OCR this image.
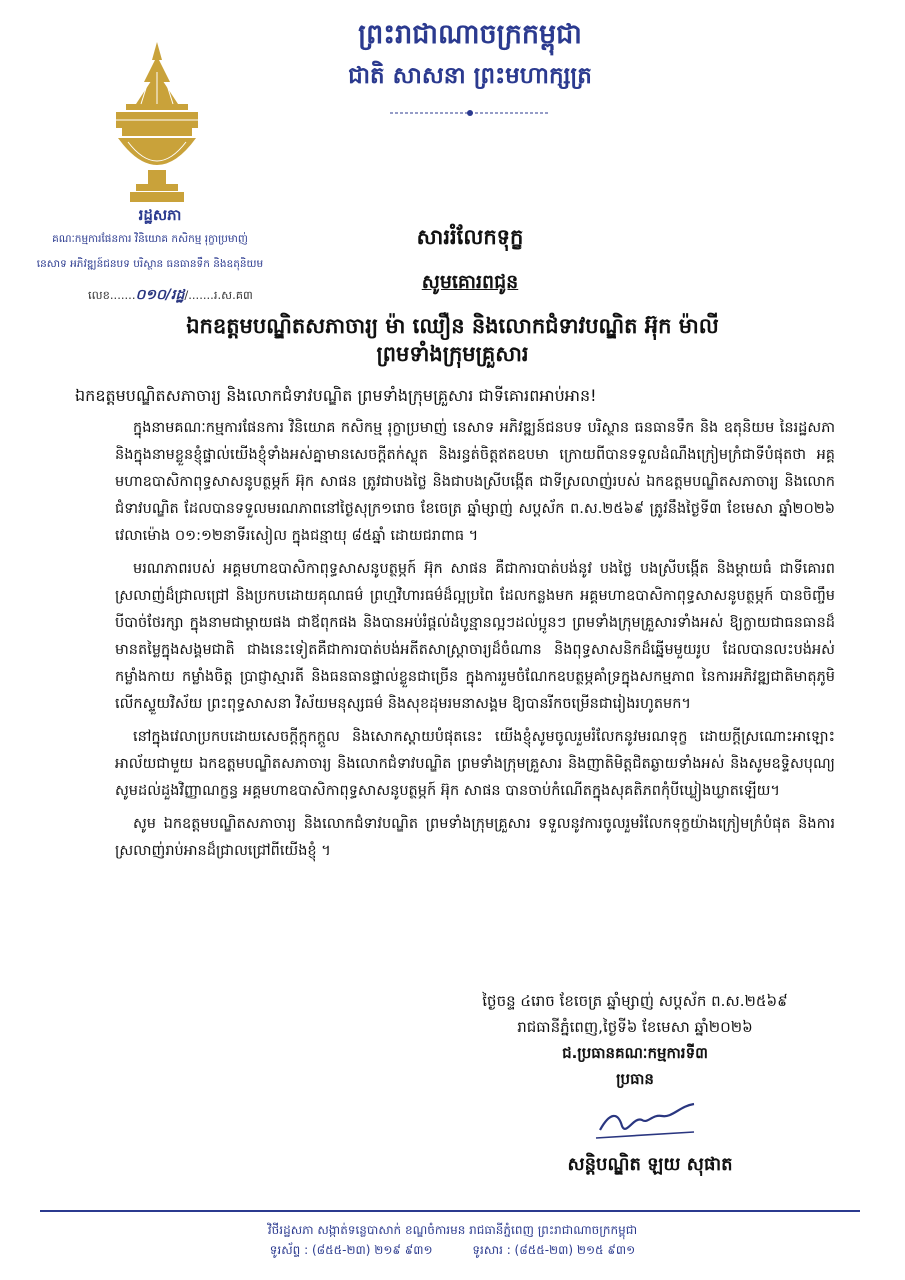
ព្រះរាជាណាចក្រកម្ពុជា
ជាតិ សាសនា ព្រះមហាក្សត្រ
រដ្ឋសភា
គណៈកម្មការផែនការ វិនិយោគ កសិកម្ម រុក្ខាប្រមាញ់
នេសាទ អភិវឌ្ឍន៍ជនបទ បរិស្ថាន ធនធានទឹក និងឧតុនិយម
លេខ.......០១០/រដ្ឋ/.......រ.ស.គ៣
សាររំលែកទុក្ខ
សូមគោរពជូន
ឯកឧត្តមបណ្ឌិតសភាចារ្យ ម៉ា ឈឿន និងលោកជំទាវបណ្ឌិត អ៊ុក ម៉ាលី
ព្រមទាំងក្រុមគ្រួសារ

ឯកឧត្តមបណ្ឌិតសភាចារ្យ និងលោកជំទាវបណ្ឌិត ព្រមទាំងក្រុមគ្រួសារ ជាទីគោរពអាប់អាន!

ក្នុងនាមគណៈកម្មការផែនការ វិនិយោគ កសិកម្ម រុក្ខាប្រមាញ់ នេសាទ អភិវឌ្ឍន៍ជនបទ បរិស្ថាន ធនធានទឹក និង ឧតុនិយម នៃរដ្ឋសភា និងក្នុងនាមខ្លួនខ្ញុំផ្ទាល់យើងខ្ញុំទាំងអស់គ្នាមានសេចក្តីតក់ស្លុត និងរន្ធត់ចិត្តឥតឧបមា ក្រោយពីបានទទួលដំណឹងក្រៀមក្រំជាទីបំផុតថា អគ្គមហាឧបាសិកាពុទ្ធសាសនូបត្ថម្ភក៍ អ៊ុក សាផន ត្រូវជាបងថ្លៃ និងជាបងស្រីបង្កើត ជាទីស្រលាញ់របស់ ឯកឧត្តមបណ្ឌិតសភាចារ្យ និងលោកជំទាវបណ្ឌិត ដែលបានទទួលមរណភាពនៅថ្ងៃសុក្រ១រោច ខែចេត្រ ឆ្នាំម្សាញ់ សប្តស័ក ព.ស.២៥៦៩ ត្រូវនឹងថ្ងៃទី៣ ខែមេសា ឆ្នាំ២០២៦ វេលាម៉ោង ០១:១២នាទីរសៀល ក្នុងជន្មាយុ ៨៥ឆ្នាំ ដោយជរាពាធ ។

មរណភាពរបស់ អគ្គមហាឧបាសិកាពុទ្ធសាសនូបត្ថម្ភក៍ អ៊ុក សាផន គឺជាការបាត់បង់នូវ បងថ្លៃ បងស្រីបង្កើត និងម្តាយធំ ជាទីគោរពស្រលាញ់ដ៏ជ្រាលជ្រៅ និងប្រកបដោយគុណធម៌ ព្រហ្មវិហារធម៌ដ៏ល្អប្រពៃ ដែលកន្លងមក អគ្គមហាឧបាសិកាពុទ្ធសាសនូបត្ថម្ភក៍ បានចិញ្ចឹមបីបាច់ថែរក្សា ក្នុងនាមជាម្តាយផង ជាឪពុកផង និងបានអប់រំផ្តល់ដំបូន្មានល្អៗដល់ប្អូនៗ ព្រមទាំងក្រុមគ្រួសារទាំងអស់ ឱ្យក្លាយជាធនធានដ៏មានតម្លៃក្នុងសង្គមជាតិ ជាងនេះទៀតគឺជាការបាត់បង់អតីតសាស្ត្រាចារ្យដ៏ចំណាន និងពុទ្ធសាសនិកដ៏ឆ្នើមមួយរូប ដែលបានលះបង់អស់កម្លាំងកាយ កម្លាំងចិត្ត ប្រាជ្ញាស្មារតី និងធនធានផ្ទាល់ខ្លួនជាច្រើន ក្នុងការរួមចំណែកឧបត្ថម្ភគាំទ្រក្នុងសកម្មភាព នៃការអភិវឌ្ឍជាតិមាតុភូមិ លើកស្ទួយវិស័យ ព្រះពុទ្ធសាសនា វិស័យមនុស្សធម៌ និងសុខដុមរមនាសង្គម ឱ្យបានរីកចម្រើនជារៀងរហូតមក។

នៅក្នុងវេលាប្រកបដោយសេចក្តីក្តុកក្តួល និងសោកស្តាយបំផុតនេះ យើងខ្ញុំសូមចូលរួមរំលែកនូវមរណទុក្ខ ដោយក្តីស្រណោះអាឡោះអាល័យជាមួយ ឯកឧត្តមបណ្ឌិតសភាចារ្យ និងលោកជំទាវបណ្ឌិត ព្រមទាំងក្រុមគ្រួសារ និងញាតិមិត្តជិតឆ្ងាយទាំងអស់ និងសូមឧទ្ទិសបុណ្យសូមដល់ដួងវិញ្ញាណក្ខន្ធ អគ្គមហាឧបាសិកាពុទ្ធសាសនូបត្ថម្ភក៍ អ៊ុក សាផន បានចាប់កំណើតក្នុងសុគតិភពកុំបីឃ្លៀងឃ្លាតឡើយ។

សូម ឯកឧត្តមបណ្ឌិតសភាចារ្យ និងលោកជំទាវបណ្ឌិត ព្រមទាំងក្រុមគ្រួសារ ទទួលនូវការចូលរួមរំលែកទុក្ខយ៉ាងក្រៀមក្រំបំផុត និងការស្រលាញ់រាប់អានដ៏ជ្រាលជ្រៅពីយើងខ្ញុំ ។

ថ្ងៃចន្ទ ៤រោច ខែចេត្រ ឆ្នាំម្សាញ់ សប្តស័ក ព.ស.២៥៦៩
រាជធានីភ្នំពេញ,ថ្ងៃទី៦ ខែមេសា ឆ្នាំ២០២៦
ជ.ប្រធានគណៈកម្មការទី៣
ប្រធាន
សន្តិបណ្ឌិត ឡយ សុផាត
វិថីរដ្ឋសភា សង្កាត់ទន្លេបាសាក់ ខណ្ឌចំការមន រាជធានីភ្នំពេញ ព្រះរាជាណាចក្រកម្ពុជា
ទូរស័ព្ទ : (៨៥៥-២៣) ២១៩ ៩៣១	ទូរសារ : (៨៥៥-២៣) ២១៥ ៩៣១
